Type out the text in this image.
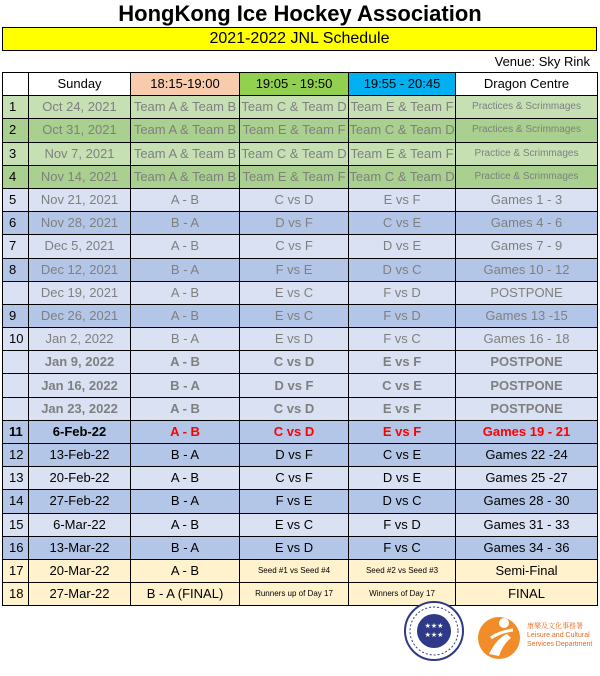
HongKong Ice Hockey Association
2021-2022 JNL Schedule
Venue: Sky Rink
	Sunday	18:15-19:00	19:05 - 19:50	19:55 - 20:45	Dragon Centre
1	Oct 24, 2021	Team A & Team B	Team C & Team D	Team E & Team F	Practices & Scrimmages
2	Oct 31, 2021	Team A & Team B	Team E & Team F	Team C & Team D	Practices & Scrimmages
3	Nov 7, 2021	Team A & Team B	Team C & Team D	Team E & Team F	Practice & Scrimmages
4	Nov 14, 2021	Team A & Team B	Team E & Team F	Team C & Team D	Practice & Scrimmages
5	Nov 21, 2021	A - B	C vs D	E vs F	Games 1 - 3
6	Nov 28, 2021	B - A	D vs F	C vs E	Games 4 - 6
7	Dec 5, 2021	A - B	C vs F	D vs E	Games 7 - 9
8	Dec 12, 2021	B - A	F vs E	D vs C	Games 10 - 12
	Dec 19, 2021	A - B	E vs C	F vs D	POSTPONE
9	Dec 26, 2021	A - B	E vs C	F vs D	Games 13 -15
10	Jan 2, 2022	B - A	E vs D	F vs C	Games 16 - 18
	Jan 9, 2022	A - B	C vs D	E vs F	POSTPONE
	Jan 16, 2022	B - A	D vs F	C vs E	POSTPONE
	Jan 23, 2022	A - B	C vs D	E vs F	POSTPONE
11	6-Feb-22	A - B	C vs D	E vs F	Games 19 - 21
12	13-Feb-22	B - A	D vs F	C vs E	Games 22 -24
13	20-Feb-22	A - B	C vs F	D vs E	Games 25 -27
14	27-Feb-22	B - A	F vs E	D vs C	Games 28 - 30
15	6-Mar-22	A - B	E vs C	F vs D	Games 31 - 33
16	13-Mar-22	B - A	E vs D	F vs C	Games 34 - 36
17	20-Mar-22	A - B	Seed #1 vs Seed #4	Seed #2 vs Seed #3	Semi-Final
18	27-Mar-22	B - A (FINAL)	Runners up of Day 17	Winners of Day 17	FINAL
★★★
★★★
康樂及文化事務署
Leisure and Cultural
Services Department
